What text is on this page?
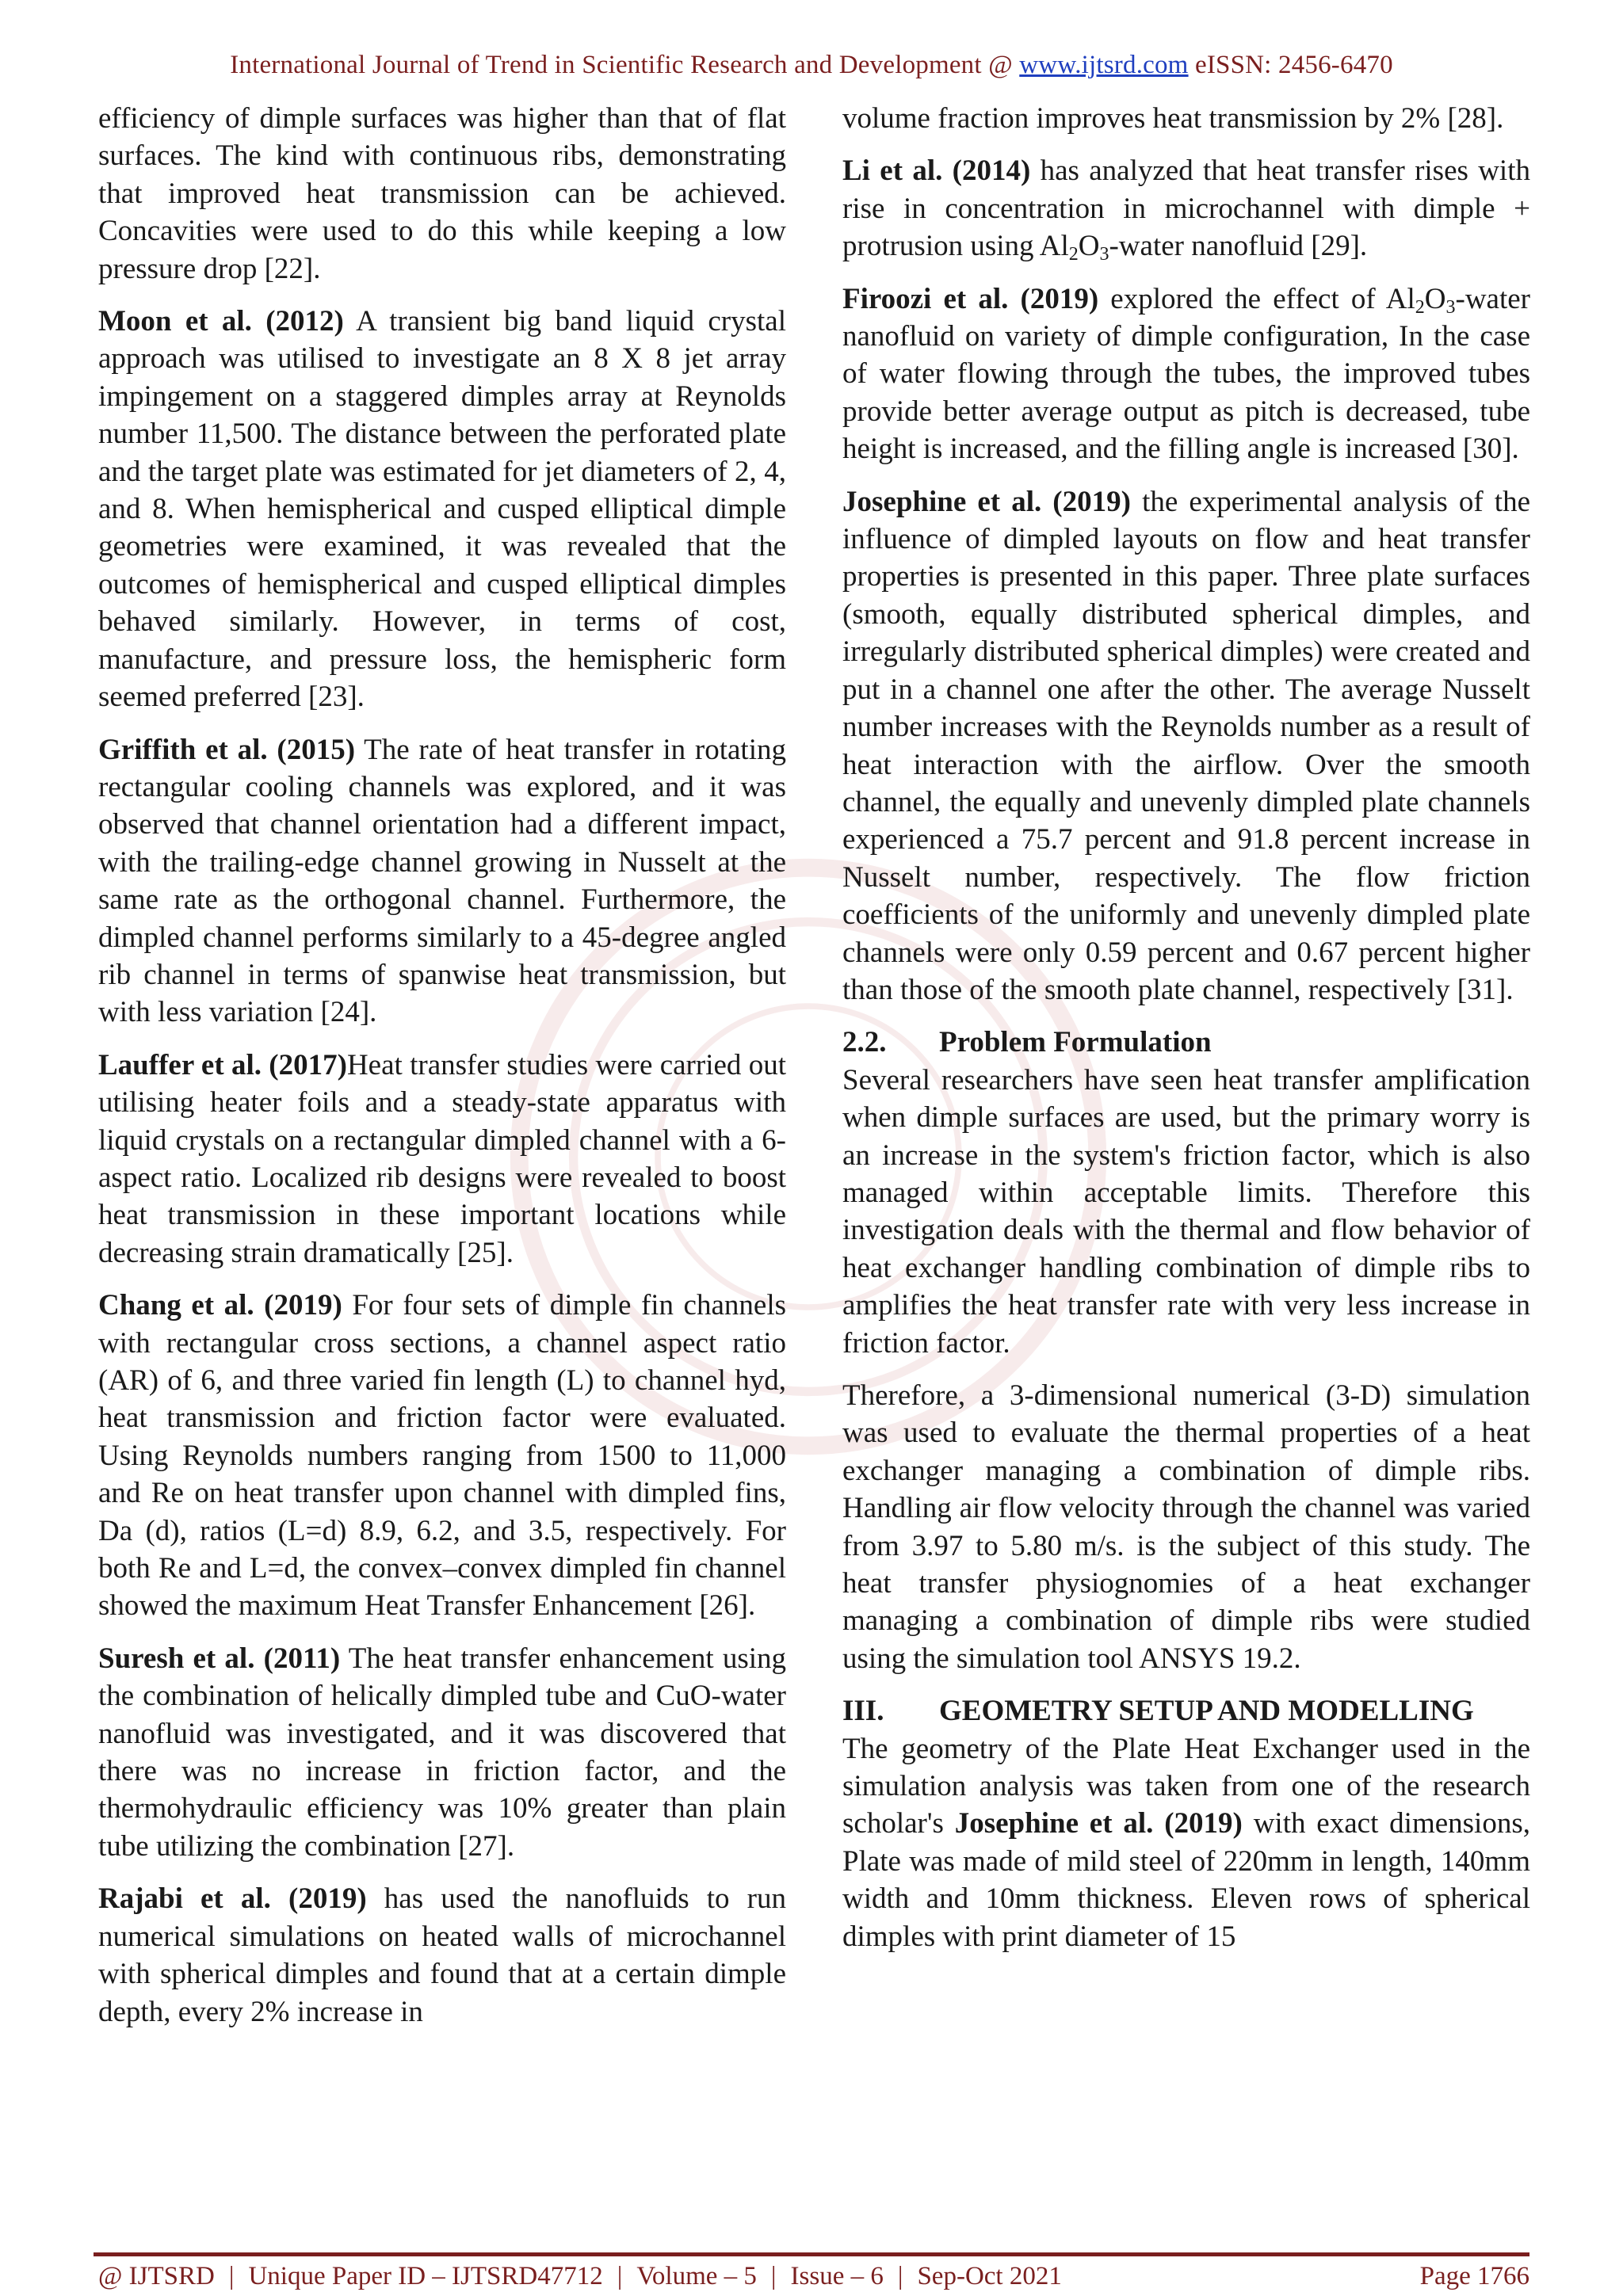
International Journal of Trend in Scientific Research and Development @ www.ijtsrd.com eISSN: 2456-6470

efficiency of dimple surfaces was higher than that of flat surfaces. The kind with continuous ribs, demonstrating that improved heat transmission can be achieved. Concavities were used to do this while keeping a low pressure drop [22].

Moon et al. (2012) A transient big band liquid crystal approach was utilised to investigate an 8 X 8 jet array impingement on a staggered dimples array at Reynolds number 11,500. The distance between the perforated plate and the target plate was estimated for jet diameters of 2, 4, and 8. When hemispherical and cusped elliptical dimple geometries were examined, it was revealed that the outcomes of hemispherical and cusped elliptical dimples behaved similarly. However, in terms of cost, manufacture, and pressure loss, the hemispheric form seemed preferred [23].

Griffith et al. (2015) The rate of heat transfer in rotating rectangular cooling channels was explored, and it was observed that channel orientation had a different impact, with the trailing-edge channel growing in Nusselt at the same rate as the orthogonal channel. Furthermore, the dimpled channel performs similarly to a 45-degree angled rib channel in terms of spanwise heat transmission, but with less variation [24].

Lauffer et al. (2017)Heat transfer studies were carried out utilising heater foils and a steady-state apparatus with liquid crystals on a rectangular dimpled channel with a 6-aspect ratio. Localized rib designs were revealed to boost heat transmission in these important locations while decreasing strain dramatically [25].

Chang et al. (2019) For four sets of dimple fin channels with rectangular cross sections, a channel aspect ratio (AR) of 6, and three varied fin length (L) to channel hyd, heat transmission and friction factor were evaluated. Using Reynolds numbers ranging from 1500 to 11,000 and Re on heat transfer upon channel with dimpled fins, Da (d), ratios (L=d) 8.9, 6.2, and 3.5, respectively. For both Re and L=d, the convex–convex dimpled fin channel showed the maximum Heat Transfer Enhancement [26].

Suresh et al. (2011) The heat transfer enhancement using the combination of helically dimpled tube and CuO-water nanofluid was investigated, and it was discovered that there was no increase in friction factor, and the thermohydraulic efficiency was 10% greater than plain tube utilizing the combination [27].

Rajabi et al. (2019) has used the nanofluids to run numerical simulations on heated walls of microchannel with spherical dimples and found that at a certain dimple depth, every 2% increase in

volume fraction improves heat transmission by 2% [28].

Li et al. (2014) has analyzed that heat transfer rises with rise in concentration in microchannel with dimple + protrusion using $Al_2O_3$-water nanofluid [29].

Firoozi et al. (2019) explored the effect of $Al_2O_3$-water nanofluid on variety of dimple configuration, In the case of water flowing through the tubes, the improved tubes provide better average output as pitch is decreased, tube height is increased, and the filling angle is increased [30].

Josephine et al. (2019) the experimental analysis of the influence of dimpled layouts on flow and heat transfer properties is presented in this paper. Three plate surfaces (smooth, equally distributed spherical dimples, and irregularly distributed spherical dimples) were created and put in a channel one after the other. The average Nusselt number increases with the Reynolds number as a result of heat interaction with the airflow. Over the smooth channel, the equally and unevenly dimpled plate channels experienced a 75.7 percent and 91.8 percent increase in Nusselt number, respectively. The flow friction coefficients of the uniformly and unevenly dimpled plate channels were only 0.59 percent and 0.67 percent higher than those of the smooth plate channel, respectively [31].

2.2. Problem Formulation

Several researchers have seen heat transfer amplification when dimple surfaces are used, but the primary worry is an increase in the system's friction factor, which is also managed within acceptable limits. Therefore this investigation deals with the thermal and flow behavior of heat exchanger handling combination of dimple ribs to amplifies the heat transfer rate with very less increase in friction factor.

Therefore, a 3-dimensional numerical (3-D) simulation was used to evaluate the thermal properties of a heat exchanger managing a combination of dimple ribs. Handling air flow velocity through the channel was varied from 3.97 to 5.80 m/s. is the subject of this study. The heat transfer physiognomies of a heat exchanger managing a combination of dimple ribs were studied using the simulation tool ANSYS 19.2.

III. GEOMETRY SETUP AND MODELLING

The geometry of the Plate Heat Exchanger used in the simulation analysis was taken from one of the research scholar's Josephine et al. (2019) with exact dimensions, Plate was made of mild steel of 220mm in length, 140mm width and 10mm thickness. Eleven rows of spherical dimples with print diameter of 15

@ IJTSRD | Unique Paper ID – IJTSRD47712 | Volume – 5 | Issue – 6 | Sep-Oct 2021	Page 1766
